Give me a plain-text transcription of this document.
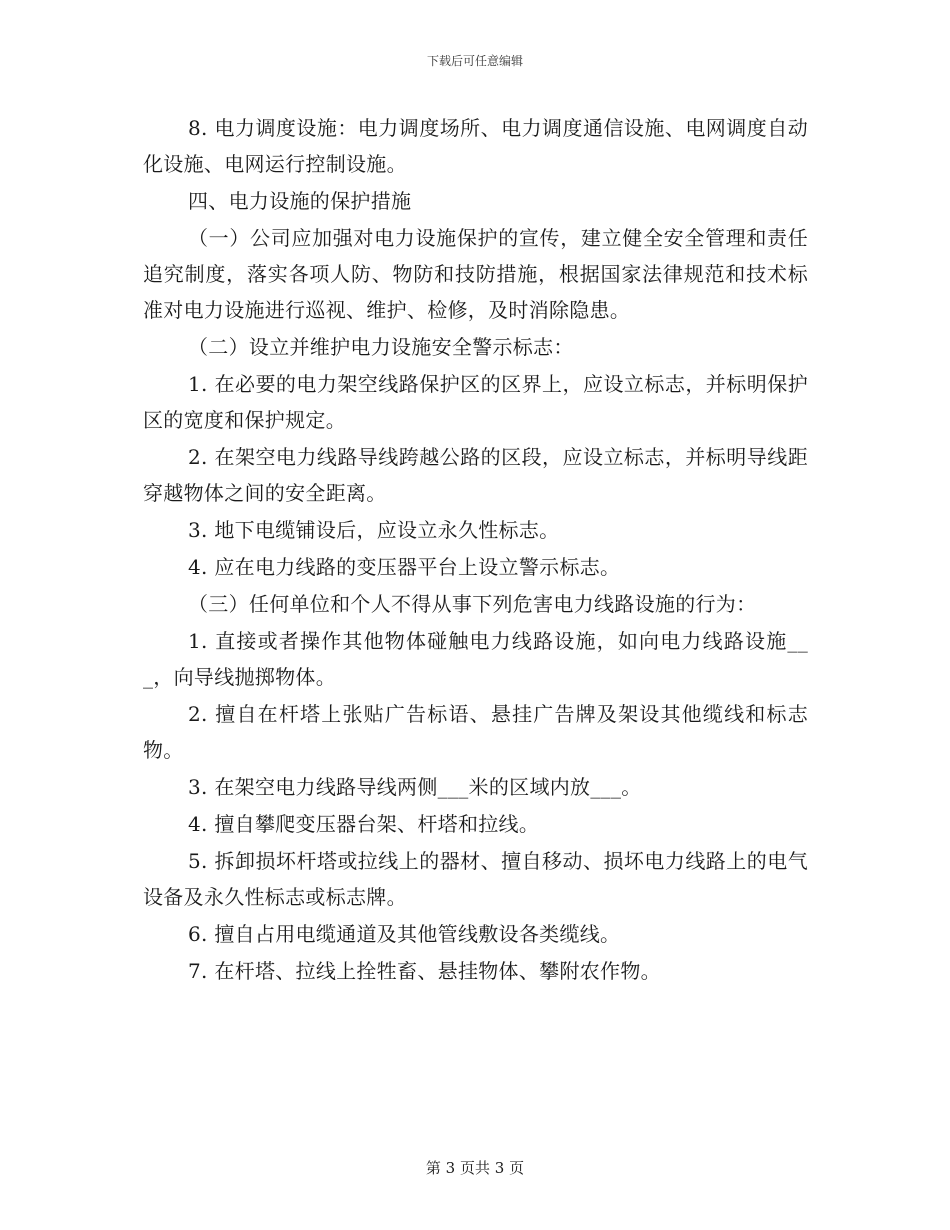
下载后可任意编辑

8. 电力调度设施：电力调度场所、电力调度通信设施、电网调度自动化设施、电网运行控制设施。

四、电力设施的保护措施

（一）公司应加强对电力设施保护的宣传，建立健全安全管理和责任追究制度，落实各项人防、物防和技防措施，根据国家法律规范和技术标准对电力设施进行巡视、维护、检修，及时消除隐患。

（二）设立并维护电力设施安全警示标志：

1. 在必要的电力架空线路保护区的区界上，应设立标志，并标明保护区的宽度和保护规定。

2. 在架空电力线路导线跨越公路的区段，应设立标志，并标明导线距穿越物体之间的安全距离。

3. 地下电缆铺设后，应设立永久性标志。

4. 应在电力线路的变压器平台上设立警示标志。

（三）任何单位和个人不得从事下列危害电力线路设施的行为：

1. 直接或者操作其他物体碰触电力线路设施，如向电力线路设施___，向导线抛掷物体。

2. 擅自在杆塔上张贴广告标语、悬挂广告牌及架设其他缆线和标志物。

3. 在架空电力线路导线两侧___米的区域内放___。

4. 擅自攀爬变压器台架、杆塔和拉线。

5. 拆卸损坏杆塔或拉线上的器材、擅自移动、损坏电力线路上的电气设备及永久性标志或标志牌。

6. 擅自占用电缆通道及其他管线敷设各类缆线。

7. 在杆塔、拉线上拴牲畜、悬挂物体、攀附农作物。

第 3 页共 3 页
